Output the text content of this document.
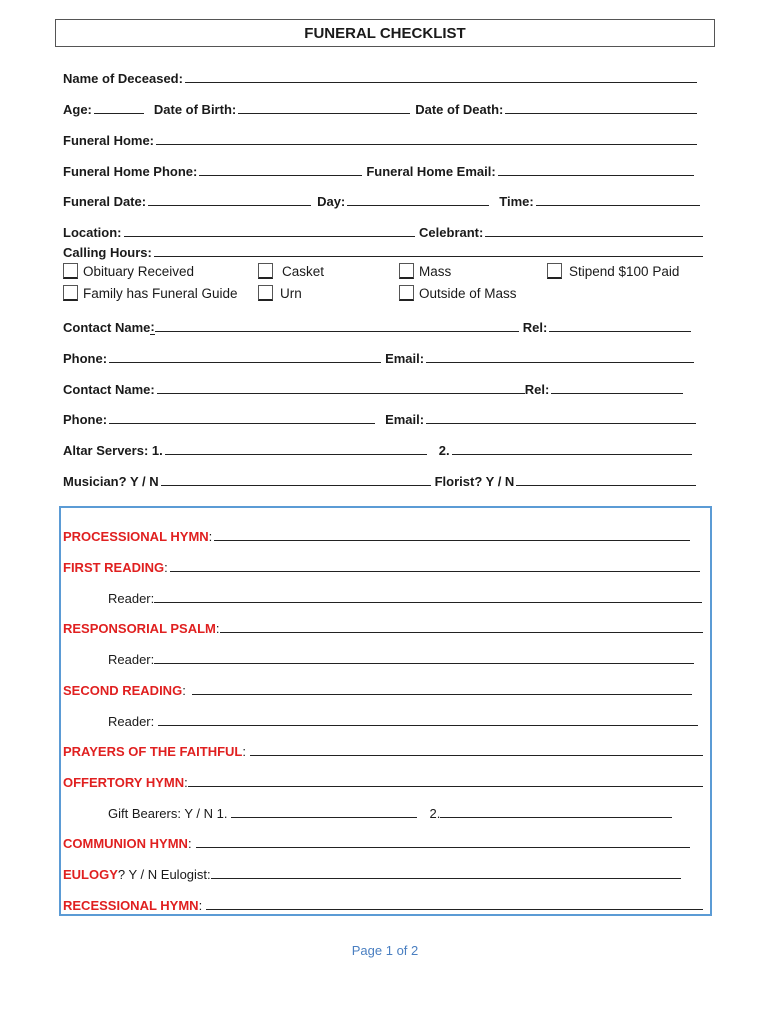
FUNERAL CHECKLIST
Name of Deceased:
Age:	Date of Birth:	Date of Death:
Funeral Home:
Funeral Home Phone:	Funeral Home Email:
Funeral Date:	Day:	Time:
Location:	Celebrant:
Calling Hours:
Obituary Received	Casket	Mass	Stipend $100 Paid
Family has Funeral Guide	Urn	Outside of Mass
Contact Name :	Rel:
Phone:	Email:
Contact Name:	Rel:
Phone:	Email:
Altar Servers: 1.	2.
Musician? Y / N	Florist? Y / N
PROCESSIONAL HYMN :
FIRST READING :
Reader:
RESPONSORIAL PSALM :
Reader:
SECOND READING :
Reader:
PRAYERS OF THE FAITHFUL :
OFFERTORY HYMN :
Gift Bearers: Y / N 1.	2.
COMMUNION HYMN :
EULOGY ? Y / N Eulogist:
RECESSIONAL HYMN :
Page 1 of 2
